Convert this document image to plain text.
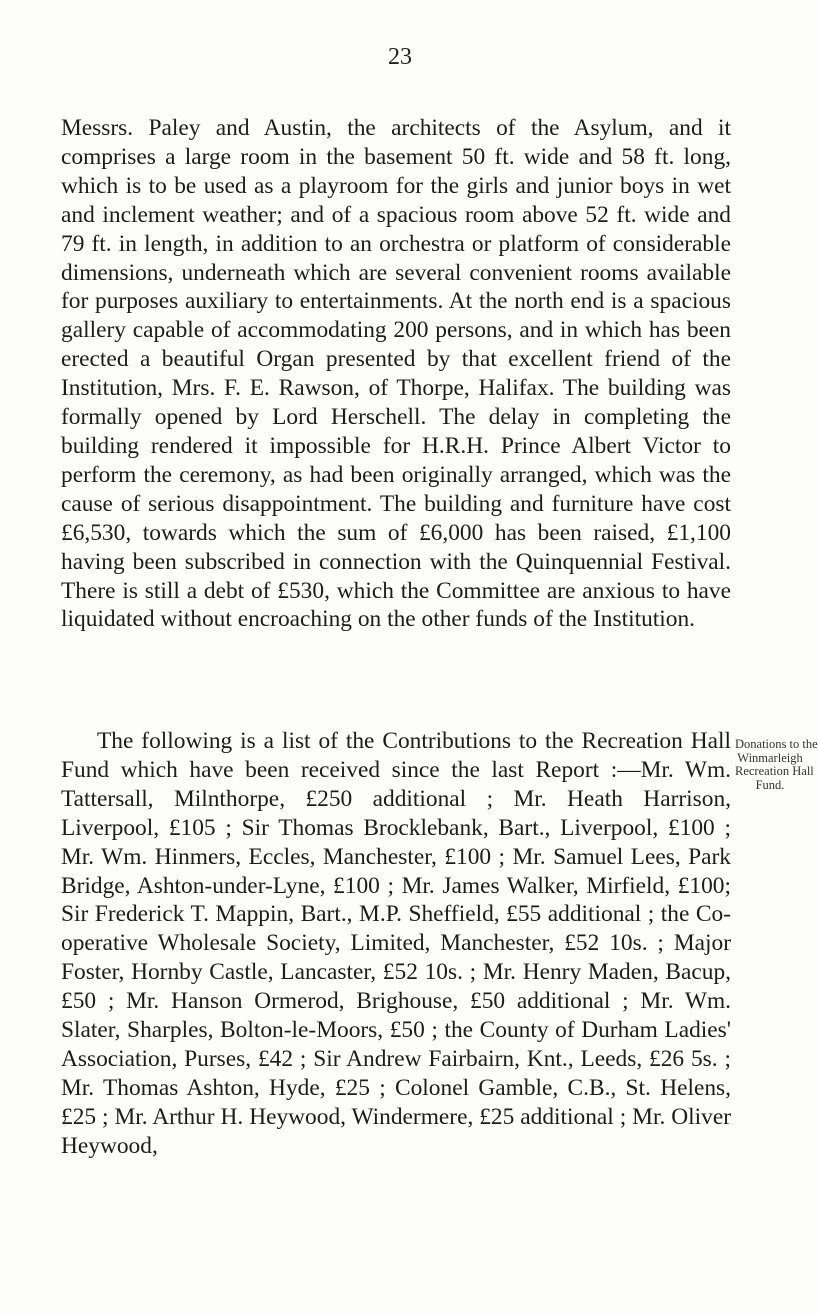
23

Messrs. Paley and Austin, the architects of the Asylum, and it comprises a large room in the basement 50 ft. wide and 58 ft. long, which is to be used as a playroom for the girls and junior boys in wet and inclement weather; and of a spacious room above 52 ft. wide and 79 ft. in length, in addition to an orchestra or platform of considerable dimensions, underneath which are several convenient rooms available for purposes auxiliary to entertainments. At the north end is a spacious gallery capable of accommodating 200 persons, and in which has been erected a beautiful Organ presented by that excellent friend of the Institution, Mrs. F. E. Rawson, of Thorpe, Halifax. The building was formally opened by Lord Herschell. The delay in completing the building rendered it impossible for H.R.H. Prince Albert Victor to perform the ceremony, as had been originally arranged, which was the cause of serious disappointment. The building and furniture have cost £6,530, towards which the sum of £6,000 has been raised, £1,100 having been subscribed in connection with the Quinquennial Festival. There is still a debt of £530, which the Committee are anxious to have liquidated without encroaching on the other funds of the Institution.

The following is a list of the Contributions to the Recreation Hall Fund which have been received since the last Report :—Mr. Wm. Tattersall, Milnthorpe, £250 additional ; Mr. Heath Harrison, Liverpool, £105 ; Sir Thomas Brocklebank, Bart., Liverpool, £100 ; Mr. Wm. Hinmers, Eccles, Manchester, £100 ; Mr. Samuel Lees, Park Bridge, Ashton-under-Lyne, £100 ; Mr. James Walker, Mirfield, £100; Sir Frederick T. Mappin, Bart., M.P. Sheffield, £55 additional ; the Co-operative Wholesale Society, Limited, Manchester, £52 10s. ; Major Foster, Hornby Castle, Lancaster, £52 10s. ; Mr. Henry Maden, Bacup, £50 ; Mr. Hanson Ormerod, Brighouse, £50 additional ; Mr. Wm. Slater, Sharples, Bolton-le-Moors, £50 ; the County of Durham Ladies' Association, Purses, £42 ; Sir Andrew Fairbairn, Knt., Leeds, £26 5s. ; Mr. Thomas Ashton, Hyde, £25 ; Colonel Gamble, C.B., St. Helens, £25 ; Mr. Arthur H. Heywood, Windermere, £25 additional ; Mr. Oliver Heywood,

Donations to the
Winmarleigh
Recreation Hall
Fund.
